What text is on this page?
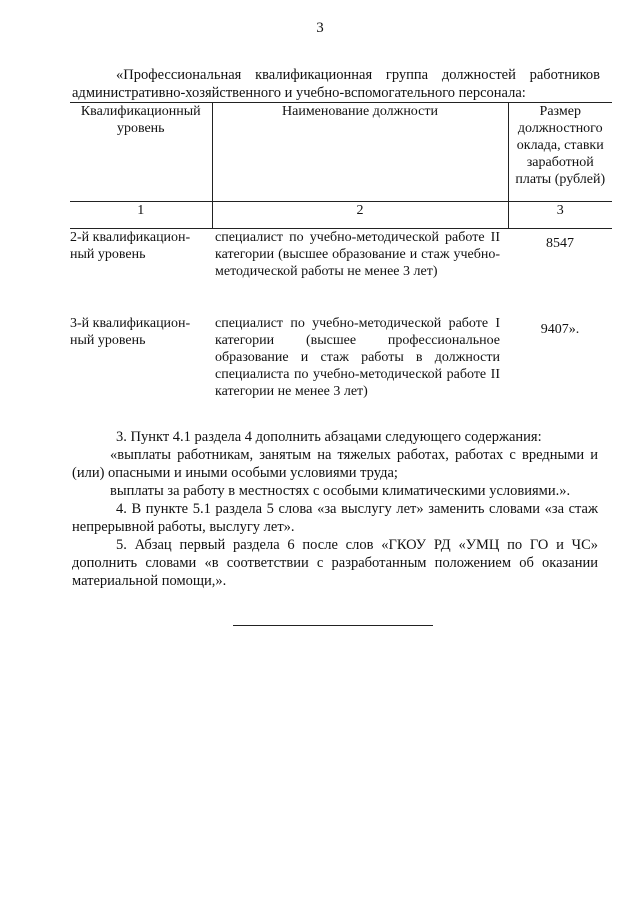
3
«Профессиональная квалификационная группа должностей работников
административно-хозяйственного и учебно-вспомогательного персонала:
Квалификационный уровень	Наименование должности	Размер должностного оклада, ставки заработной платы (рублей)
1	2	3
2-й квалификацион-ный уровень	специалист по учебно-методической работе II категории (высшее образование и стаж учебно-методической работы не менее 3 лет)	8547
3-й квалификацион-ный уровень	специалист по учебно-методической работе I категории (высшее профессиональное образование и стаж работы в должности специалиста по учебно-методической работе II категории не менее 3 лет)	9407».

3. Пункт 4.1 раздела 4 дополнить абзацами следующего содержания:

«выплаты работникам, занятым на тяжелых работах, работах с вредными и (или) опасными и иными особыми условиями труда;

выплаты за работу в местностях с особыми климатическими условиями.».

4. В пункте 5.1 раздела 5 слова «за выслугу лет» заменить словами «за стаж непрерывной работы, выслугу лет».

5. Абзац первый раздела 6 после слов «ГКОУ РД «УМЦ по ГО и ЧС» дополнить словами «в соответствии с разработанным положением об оказании материальной помощи,».
